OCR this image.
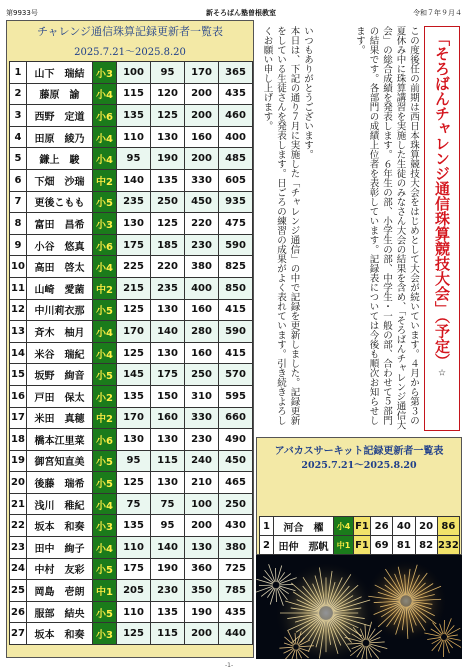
第9933号	新そろばん塾曽根教室	令和７年９月４
チャレンジ通信珠算記録更新者一覧表
2025.7.21～2025.8.20
1	山下　瑞結	小3	100	95	170	365
2	藤原　諭	小4	115	120	200	435
3	西野　定道	小6	135	125	200	460
4	田原　綾乃	小4	110	130	160	400
5	鎌上　駿	小4	95	190	200	485
6	下畑　沙瑞	中2	140	135	330	605
7	更後こもも	小5	235	250	450	935
8	富田　昌希	小3	130	125	220	475
9	小谷　悠真	小6	175	185	230	590
10	高田　啓太	小4	225	220	380	825
11	山崎　愛菌	中2	215	235	400	850
12	中川莉衣那	小5	125	130	160	415
13	斉木　柚月	小4	170	140	280	590
14	米谷　瑞紀	小4	125	130	160	415
15	坂野　絢音	小5	145	175	250	570
16	戸田　保太	小2	135	150	310	595
17	米田　真穂	中2	170	160	330	660
18	橋本江里菜	小6	130	130	230	490
19	御宮知直美	小5	95	115	240	450
20	後藤　瑞希	小5	125	130	210	465
21	浅川　稚紀	小4	75	75	100	250
22	坂本　和奏	小3	135	95	200	430
23	田中　絢子	小4	110	140	130	380
24	中村　友彩	小5	175	190	360	725
25	岡島　壱朗	中1	205	230	350	785
26	服部　結央	小5	110	135	190	435
27	坂本　和奏	小3	125	115	200	440
いつもありがとうございます。
本日は、下記の通り７月に実施した「チャレンジ通信」の中で記録を更新しました。記録更新をしている生徒さんを発表します。日ごろの練習の成果がよく表れています。引き続きよろしくお願い申し上げます。	この度後任の前期は西日本珠算競技大会をはじめとして大会が続いています。４月から第３の夏休み中に珠算講習を実施した生徒のみなさん大会の結果を含め、「そろばんチャレンジ通信大会」の総合成績を発表します。６年生の部、小学生の部、中学生・一般の部、合わせて５部門の結果です。各部門の成績上位者を表彰しています。記録表については今後も順次お知らせします。	「そろばんチャレンジ通信珠算競技大会」（予定）☆
アバカスサーキット記録更新者一覧表
2025.7.21～2025.8.20
1	河合　櫂	小4	F1	26	40	20	86
2	田仲　那帆	中1	F1	69	81	82	232
-1-
